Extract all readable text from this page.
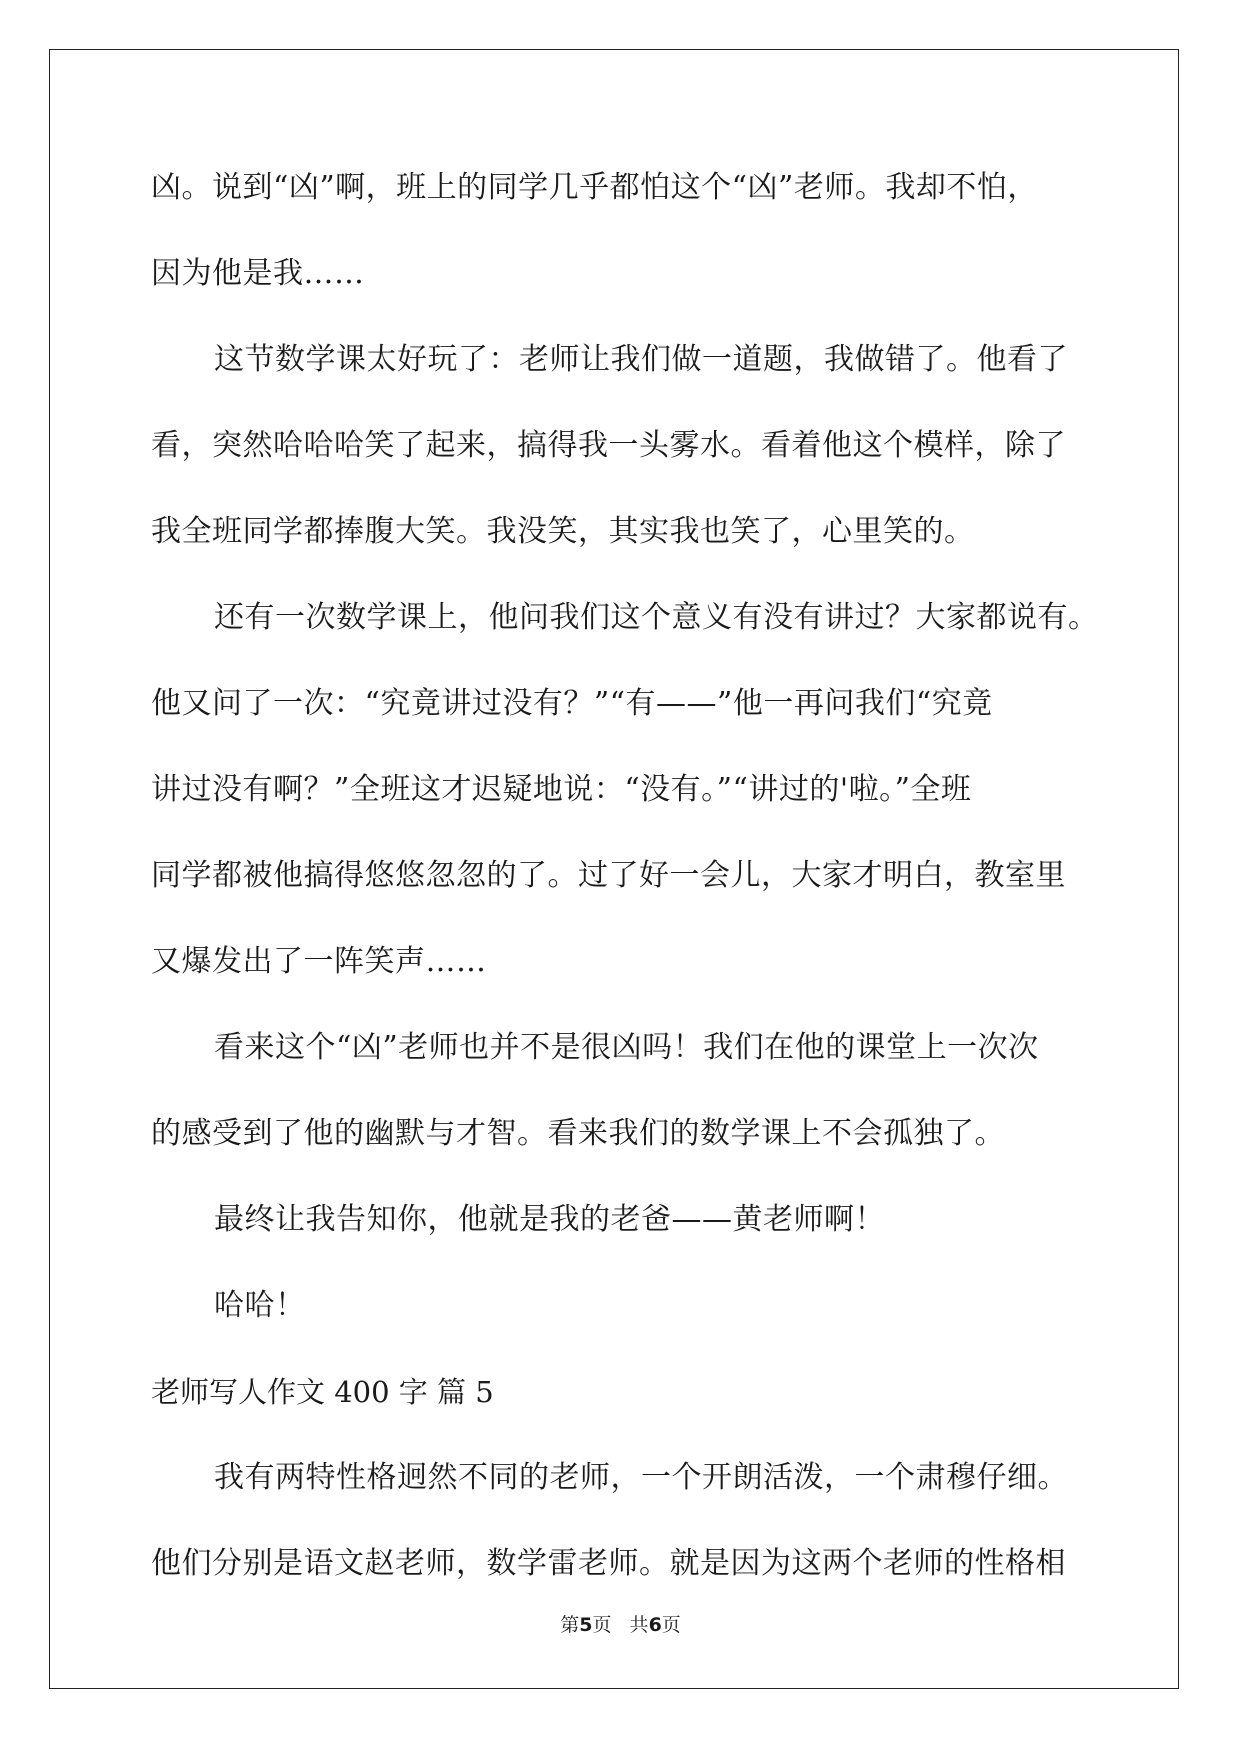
凶。说到“凶”啊，班上的同学几乎都怕这个“凶”老师。我却不怕，
因为他是我……
这节数学课太好玩了：老师让我们做一道题，我做错了。他看了
看，突然哈哈哈笑了起来，搞得我一头雾水。看着他这个模样，除了
我全班同学都捧腹大笑。我没笑，其实我也笑了，心里笑的。
还有一次数学课上，他问我们这个意义有没有讲过？大家都说有。
他又问了一次：“究竟讲过没有？”“有——”他一再问我们“究竟
讲过没有啊？”全班这才迟疑地说：“没有。”“讲过的'啦。”全班
同学都被他搞得悠悠忽忽的了。过了好一会儿，大家才明白，教室里
又爆发出了一阵笑声……
看来这个“凶”老师也并不是很凶吗！我们在他的课堂上一次次
的感受到了他的幽默与才智。看来我们的数学课上不会孤独了。
最终让我告知你，他就是我的老爸——黄老师啊！
哈哈！
老师写人作文 400 字 篇 5
我有两特性格迥然不同的老师，一个开朗活泼，一个肃穆仔细。
他们分别是语文赵老师，数学雷老师。就是因为这两个老师的性格相
第5页   共6页
